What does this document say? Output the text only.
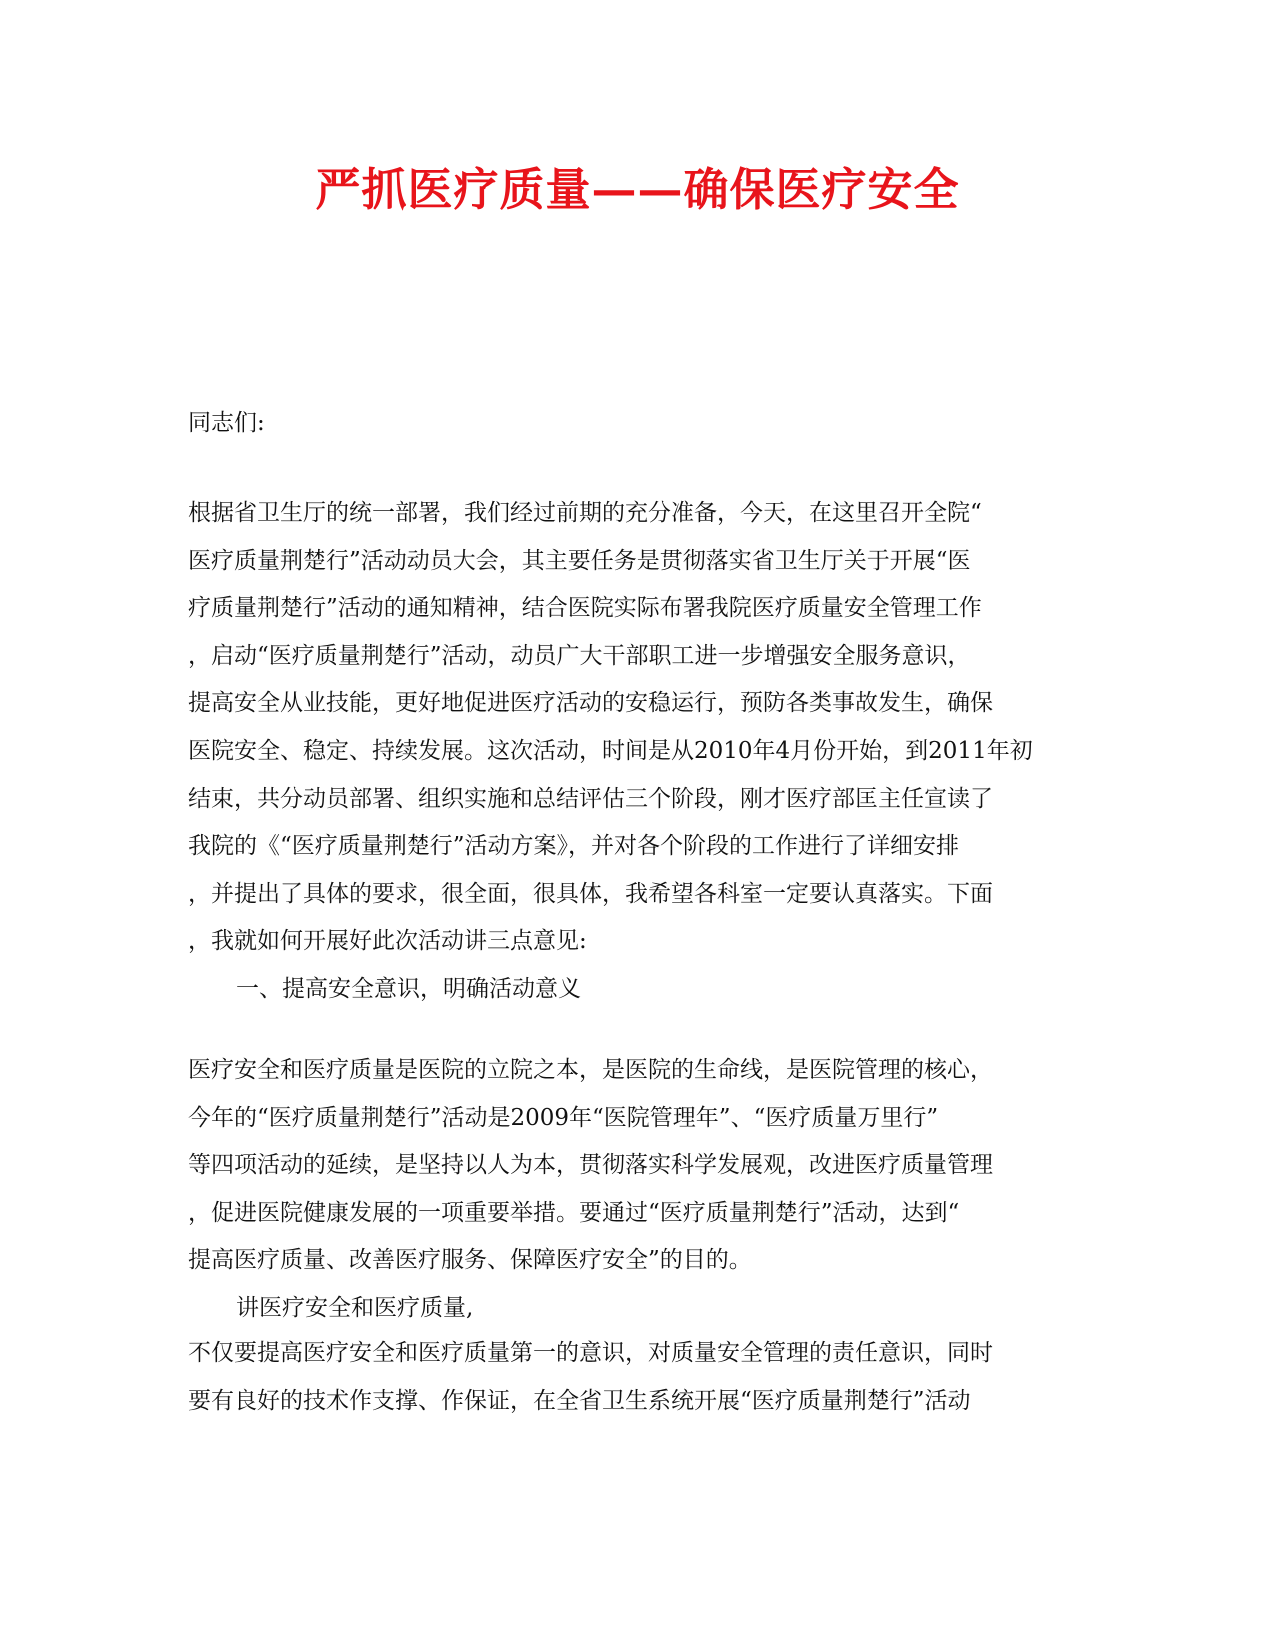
严抓医疗质量——确保医疗安全
同志们:
根据省卫生厅的统一部署，我们经过前期的充分准备，今天，在这里召开全院“
医疗质量荆楚行”活动动员大会，其主要任务是贯彻落实省卫生厅关于开展“医
疗质量荆楚行”活动的通知精神，结合医院实际布署我院医疗质量安全管理工作
，启动“医疗质量荆楚行”活动，动员广大干部职工进一步增强安全服务意识，
提高安全从业技能，更好地促进医疗活动的安稳运行，预防各类事故发生，确保
医院安全、稳定、持续发展。这次活动，时间是从2010年4月份开始，到2011年初
结束，共分动员部署、组织实施和总结评估三个阶段，刚才医疗部匡主任宣读了
我院的《“医疗质量荆楚行”活动方案》，并对各个阶段的工作进行了详细安排
，并提出了具体的要求，很全面，很具体，我希望各科室一定要认真落实。下面
，我就如何开展好此次活动讲三点意见:
一、提高安全意识，明确活动意义
医疗安全和医疗质量是医院的立院之本，是医院的生命线，是医院管理的核心，
今年的“医疗质量荆楚行”活动是2009年“医院管理年”、“医疗质量万里行”
等四项活动的延续，是坚持以人为本，贯彻落实科学发展观，改进医疗质量管理
，促进医院健康发展的一项重要举措。要通过“医疗质量荆楚行”活动，达到“
提高医疗质量、改善医疗服务、保障医疗安全”的目的。
讲医疗安全和医疗质量,
不仅要提高医疗安全和医疗质量第一的意识，对质量安全管理的责任意识，同时
要有良好的技术作支撑、作保证，在全省卫生系统开展“医疗质量荆楚行”活动
